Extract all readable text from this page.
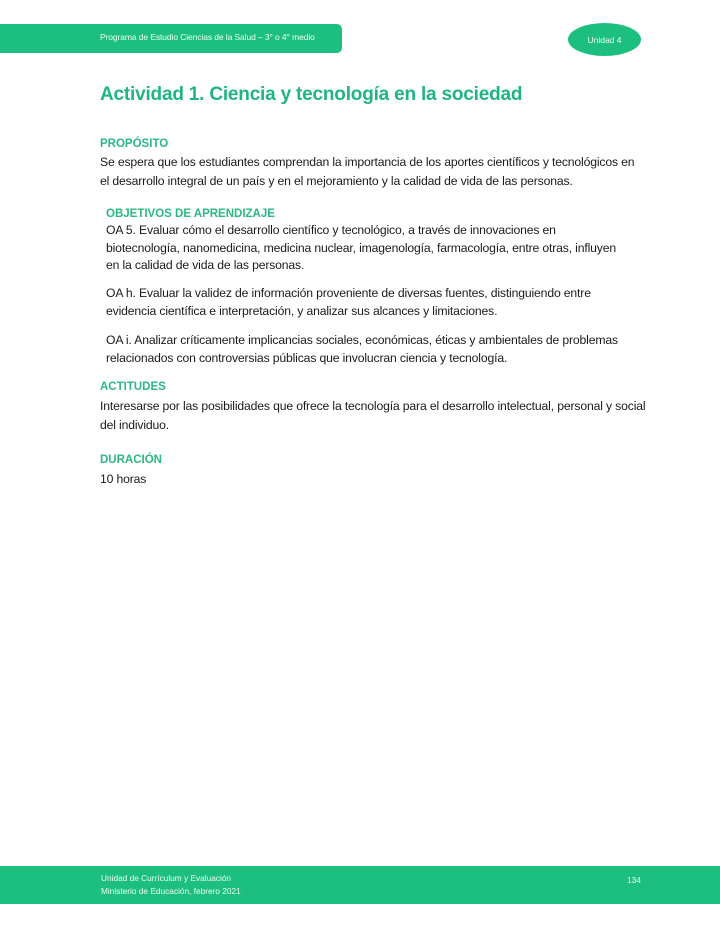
Programa de Estudio Ciencias de la Salud – 3° o 4° medio	Unidad 4
Actividad 1. Ciencia y tecnología en la sociedad
PROPÓSITO
Se espera que los estudiantes comprendan la importancia de los aportes científicos y tecnológicos en
el desarrollo integral de un país y en el mejoramiento y la calidad de vida de las personas.
OBJETIVOS DE APRENDIZAJE
OA 5. Evaluar cómo el desarrollo científico y tecnológico, a través de innovaciones en
biotecnología, nanomedicina, medicina nuclear, imagenología, farmacología, entre otras, influyen
en la calidad de vida de las personas.
OA h. Evaluar la validez de información proveniente de diversas fuentes, distinguiendo entre
evidencia científica e interpretación, y analizar sus alcances y limitaciones.
OA i. Analizar críticamente implicancias sociales, económicas, éticas y ambientales de problemas
relacionados con controversias públicas que involucran ciencia y tecnología.
ACTITUDES
Interesarse por las posibilidades que ofrece la tecnología para el desarrollo intelectual, personal y social
del individuo.
DURACIÓN
10 horas
Unidad de Currículum y Evaluación
Ministerio de Educación, febrero 2021
134
